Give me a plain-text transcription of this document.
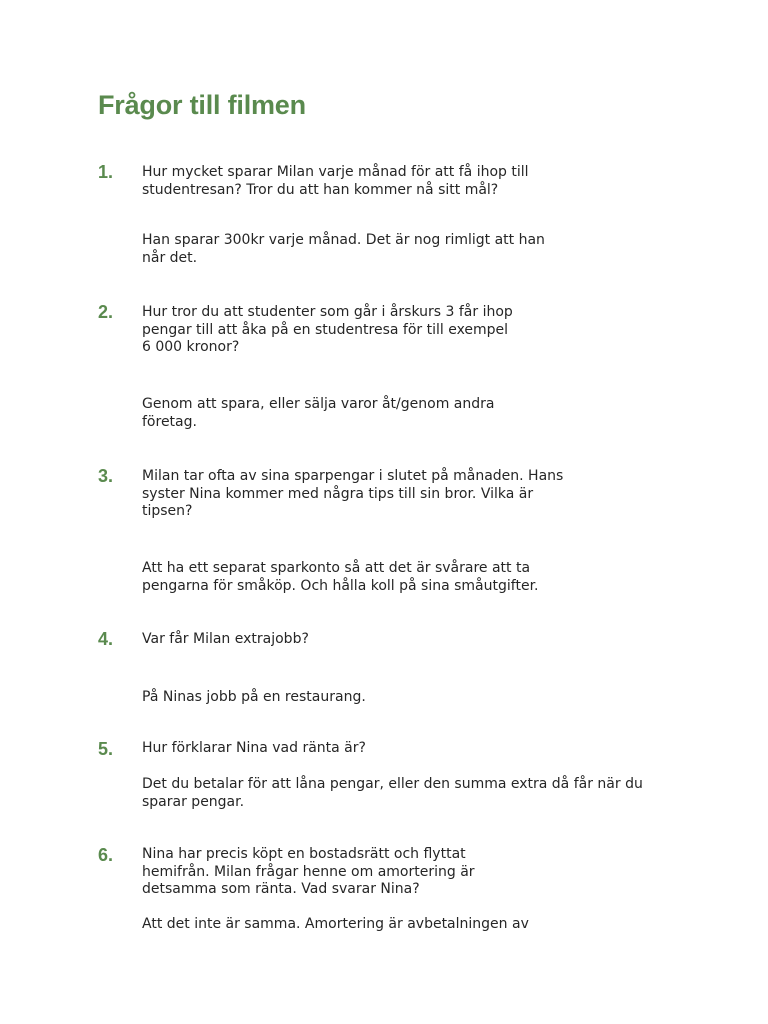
Frågor till filmen
1. Hur mycket sparar Milan varje månad för att få ihop till
studentresan? Tror du att han kommer nå sitt mål?
Han sparar 300kr varje månad. Det är nog rimligt att han
når det.
2. Hur tror du att studenter som går i årskurs 3 får ihop
pengar till att åka på en studentresa för till exempel
6 000 kronor?
Genom att spara, eller sälja varor åt/genom andra
företag.
3. Milan tar ofta av sina sparpengar i slutet på månaden. Hans
syster Nina kommer med några tips till sin bror. Vilka är
tipsen?
Att ha ett separat sparkonto så att det är svårare att ta
pengarna för småköp. Och hålla koll på sina småutgifter.
4. Var får Milan extrajobb?
På Ninas jobb på en restaurang.
5. Hur förklarar Nina vad ränta är?
Det du betalar för att låna pengar, eller den summa extra då får när du
sparar pengar.
6. Nina har precis köpt en bostadsrätt och flyttat
hemifrån. Milan frågar henne om amortering är
detsamma som ränta. Vad svarar Nina?
Att det inte är samma. Amortering är avbetalningen av
